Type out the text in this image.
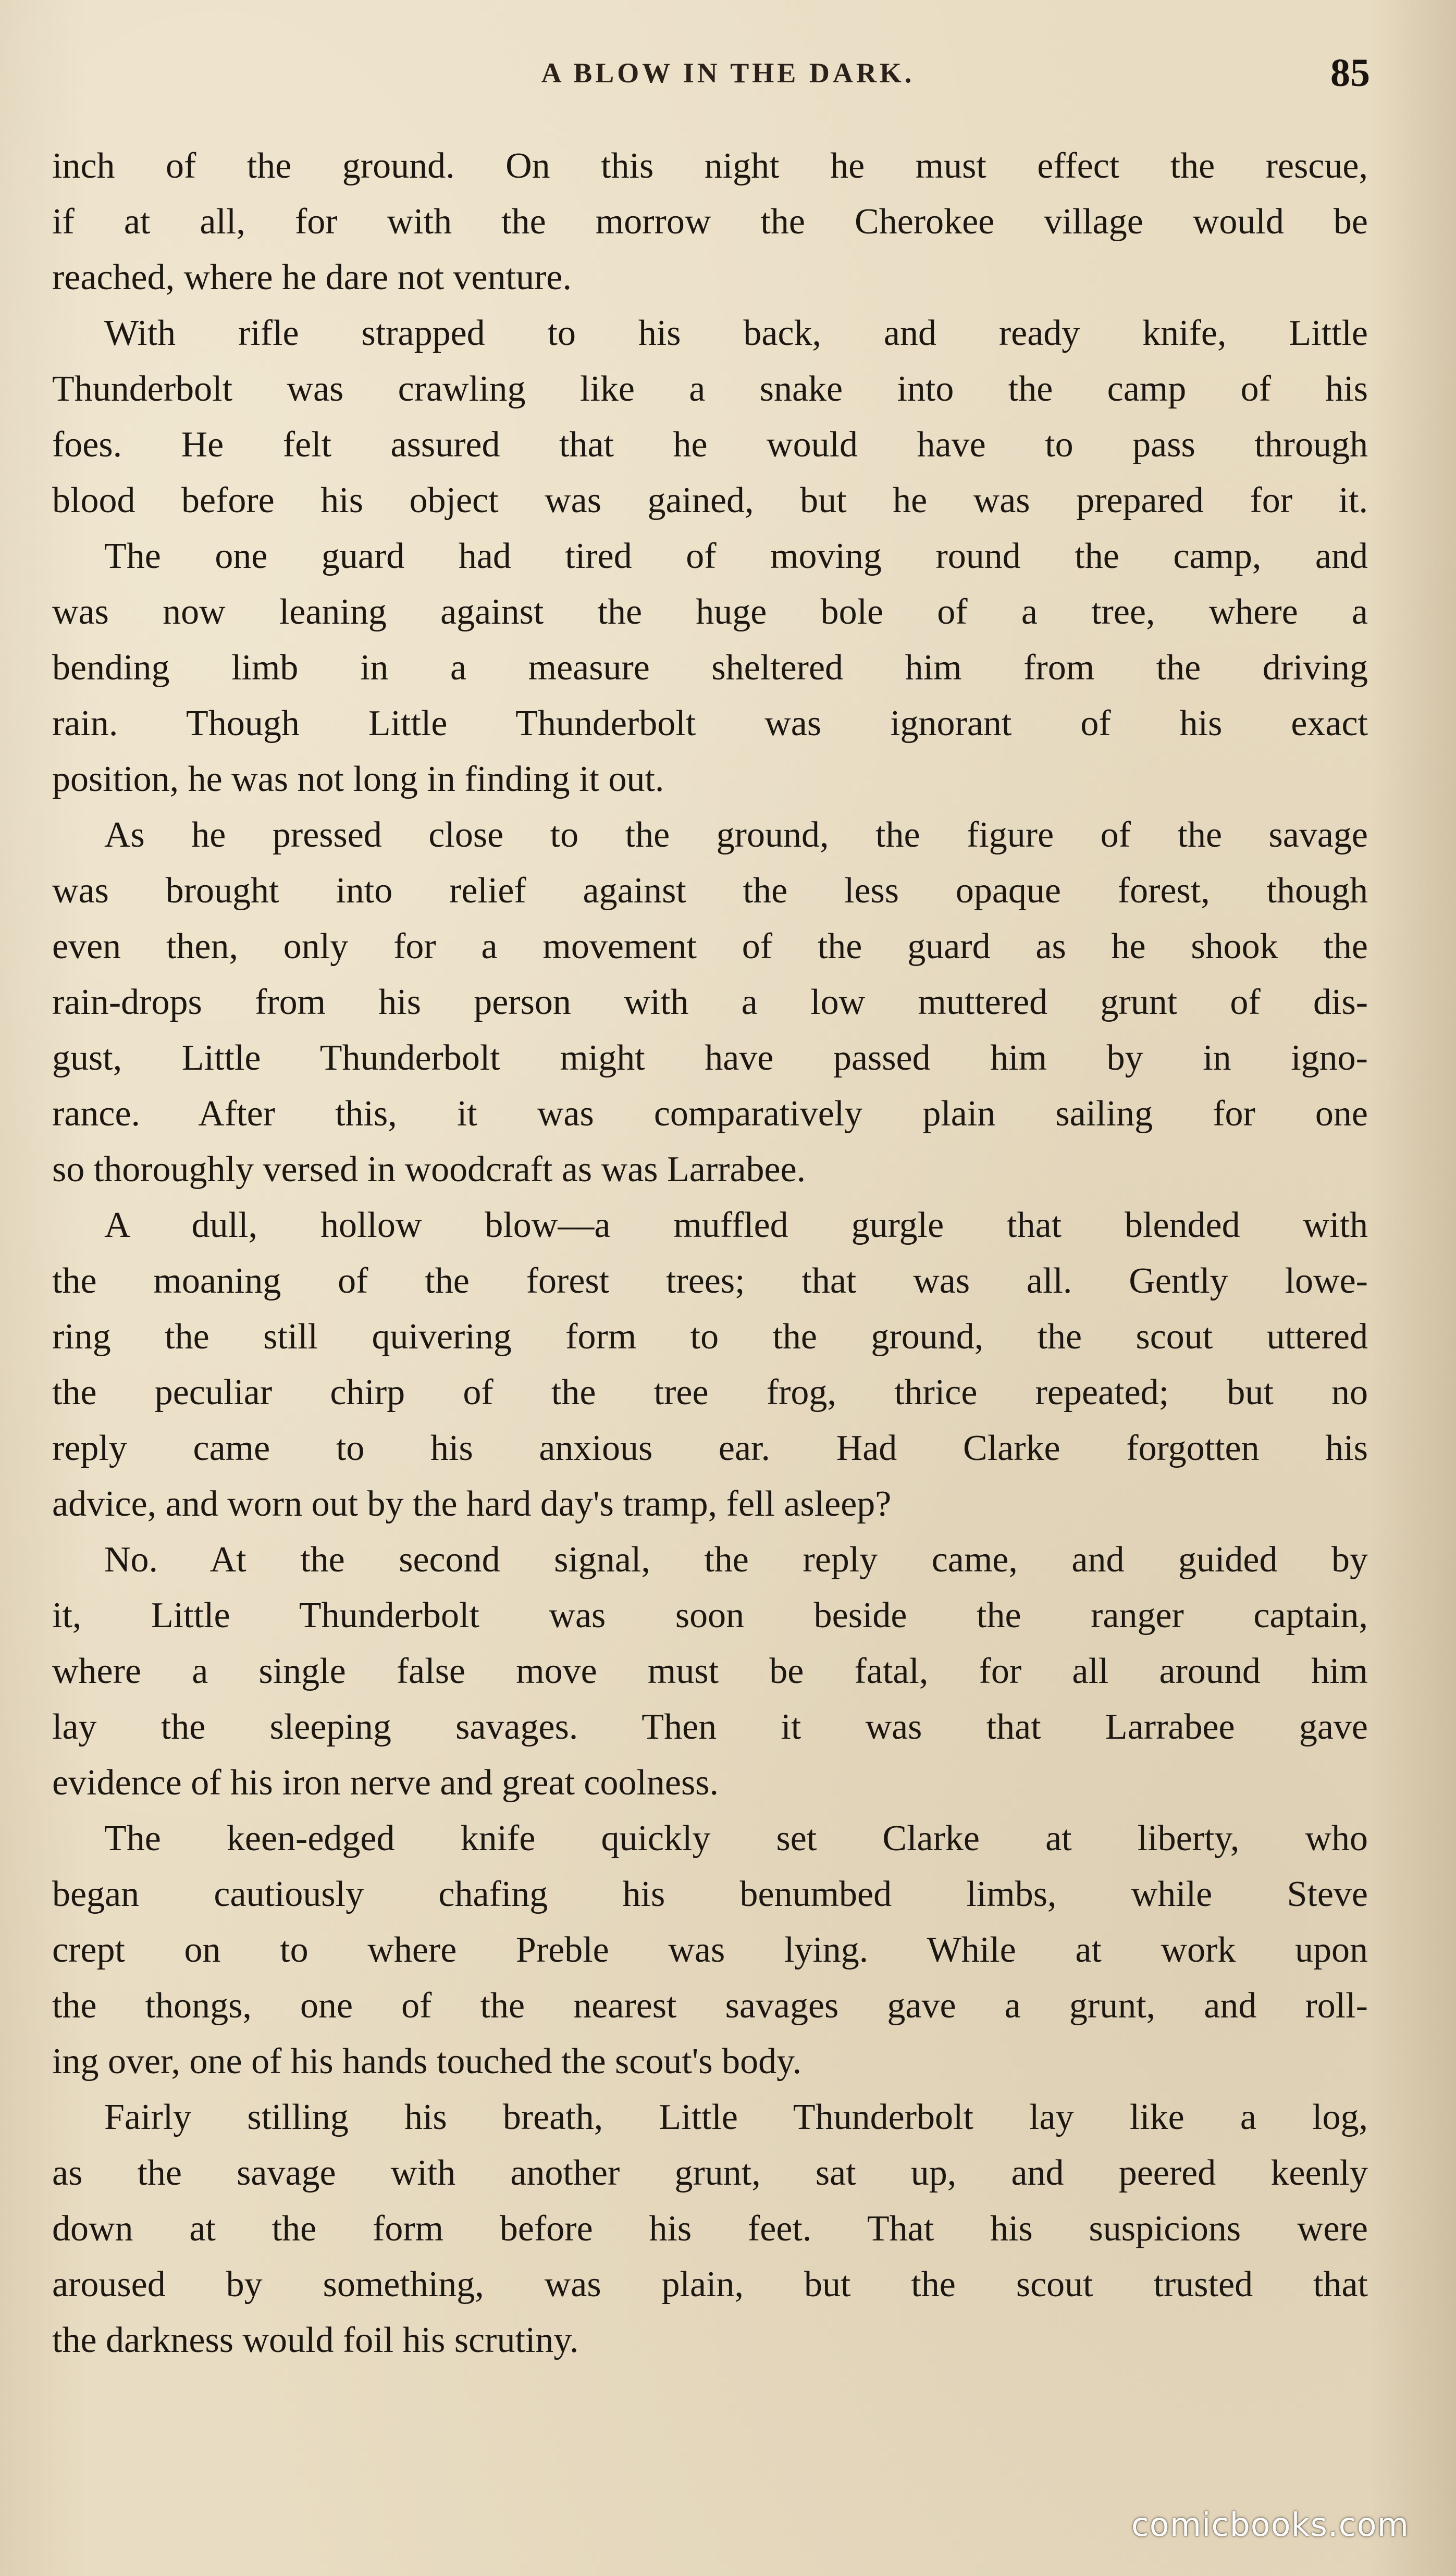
A BLOW IN THE DARK.	85

inch of the ground. On this night he must effect the rescue,
if at all, for with the morrow the Cherokee village would be
reached, where he dare not venture.

With rifle strapped to his back, and ready knife, Little
Thunderbolt was crawling like a snake into the camp of his
foes. He felt assured that he would have to pass through
blood before his object was gained, but he was prepared for it.

The one guard had tired of moving round the camp, and
was now leaning against the huge bole of a tree, where a
bending limb in a measure sheltered him from the driving
rain. Though Little Thunderbolt was ignorant of his exact
position, he was not long in finding it out.

As he pressed close to the ground, the figure of the savage
was brought into relief against the less opaque forest, though
even then, only for a movement of the guard as he shook the
rain-drops from his person with a low muttered grunt of dis-
gust, Little Thunderbolt might have passed him by in igno-
rance. After this, it was comparatively plain sailing for one
so thoroughly versed in woodcraft as was Larrabee.

A dull, hollow blow—a muffled gurgle that blended with
the moaning of the forest trees; that was all. Gently lowe-
ring the still quivering form to the ground, the scout uttered
the peculiar chirp of the tree frog, thrice repeated; but no
reply came to his anxious ear. Had Clarke forgotten his
advice, and worn out by the hard day's tramp, fell asleep?

No. At the second signal, the reply came, and guided by
it, Little Thunderbolt was soon beside the ranger captain,
where a single false move must be fatal, for all around him
lay the sleeping savages. Then it was that Larrabee gave
evidence of his iron nerve and great coolness.

The keen-edged knife quickly set Clarke at liberty, who
began cautiously chafing his benumbed limbs, while Steve
crept on to where Preble was lying. While at work upon
the thongs, one of the nearest savages gave a grunt, and roll-
ing over, one of his hands touched the scout's body.

Fairly stilling his breath, Little Thunderbolt lay like a log,
as the savage with another grunt, sat up, and peered keenly
down at the form before his feet. That his suspicions were
aroused by something, was plain, but the scout trusted that
the darkness would foil his scrutiny.

comicbooks.com
